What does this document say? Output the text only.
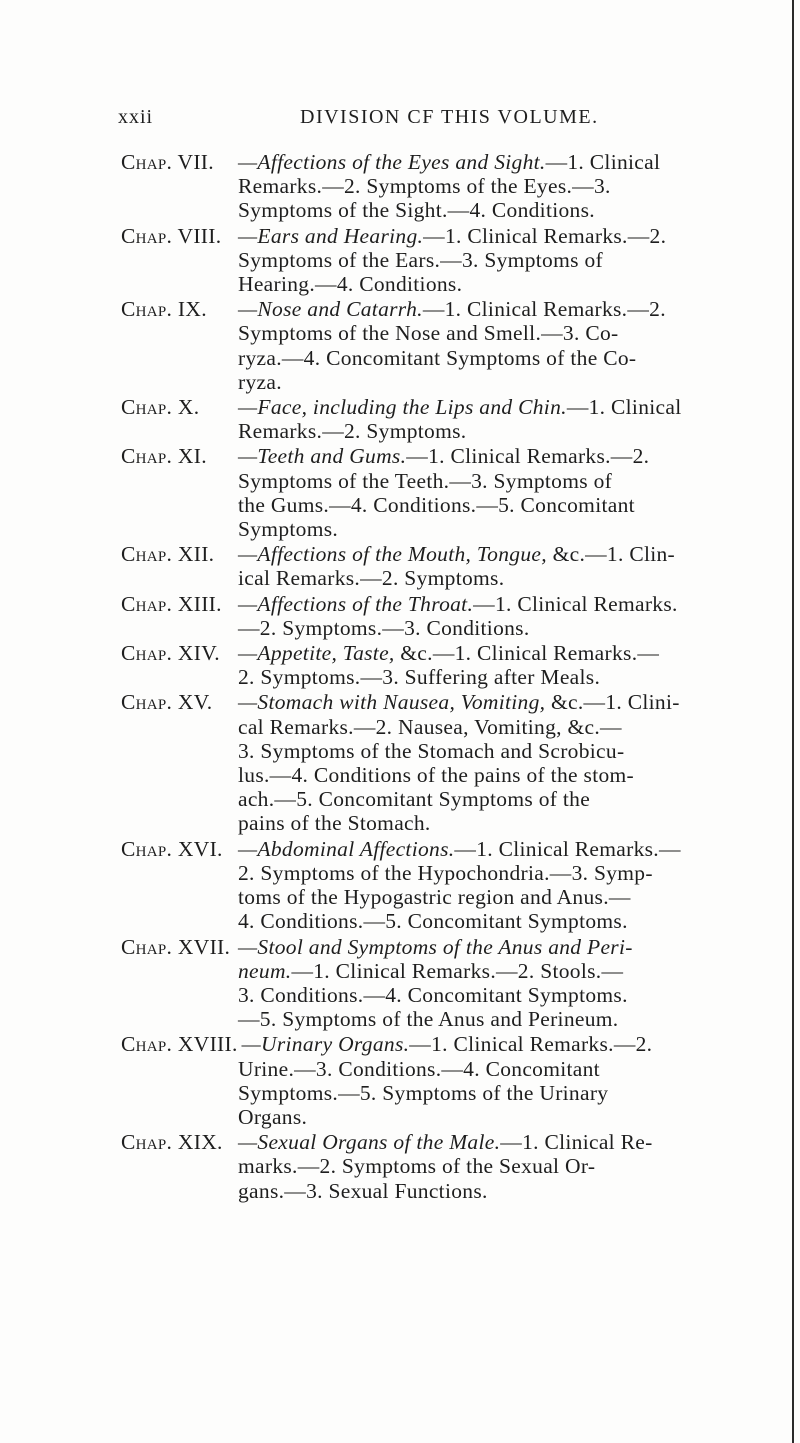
xxii	DIVISION CF THIS VOLUME.
Chap. VII.	—Affections of the Eyes and Sight.—1. Clinical
Remarks.—2. Symptoms of the Eyes.—3.
Symptoms of the Sight.—4. Conditions.
Chap. VIII. —Ears and Hearing.—1. Clinical Remarks.—2.
Symptoms of the Ears.—3. Symptoms of
Hearing.—4. Conditions.
Chap. IX.	—Nose and Catarrh.—1. Clinical Remarks.—2.
Symptoms of the Nose and Smell.—3. Co-
ryza.—4. Concomitant Symptoms of the Co-
ryza.
Chap. X.	—Face, including the Lips and Chin.—1. Clinical
Remarks.—2. Symptoms.
Chap. XI.	—Teeth and Gums.—1. Clinical Remarks.—2.
Symptoms of the Teeth.—3. Symptoms of
the Gums.—4. Conditions.—5. Concomitant
Symptoms.
Chap. XII.	—Affections of the Mouth, Tongue, &c.—1. Clin-
ical Remarks.—2. Symptoms.
Chap. XIII. —Affections of the Throat.—1. Clinical Remarks.
—2. Symptoms.—3. Conditions.
Chap. XIV. —Appetite, Taste, &c.—1. Clinical Remarks.—
2. Symptoms.—3. Suffering after Meals.
Chap. XV.	—Stomach with Nausea, Vomiting, &c.—1. Clini-
cal Remarks.—2. Nausea, Vomiting, &c.—
3. Symptoms of the Stomach and Scrobicu-
lus.—4. Conditions of the pains of the stom-
ach.—5. Concomitant Symptoms of the
pains of the Stomach.
Chap. XVI. —Abdominal Affections.—1. Clinical Remarks.—
2. Symptoms of the Hypochondria.—3. Symp-
toms of the Hypogastric region and Anus.—
4. Conditions.—5. Concomitant Symptoms.
Chap. XVII. —Stool and Symptoms of the Anus and Peri-
neum.—1. Clinical Remarks.—2. Stools.—
3. Conditions.—4. Concomitant Symptoms.
—5. Symptoms of the Anus and Perineum.
Chap. XVIII. —Urinary Organs.—1. Clinical Remarks.—2.
Urine.—3. Conditions.—4. Concomitant
Symptoms.—5. Symptoms of the Urinary
Organs.
Chap. XIX. —Sexual Organs of the Male.—1. Clinical Re-
marks.—2. Symptoms of the Sexual Or-
gans.—3. Sexual Functions.
